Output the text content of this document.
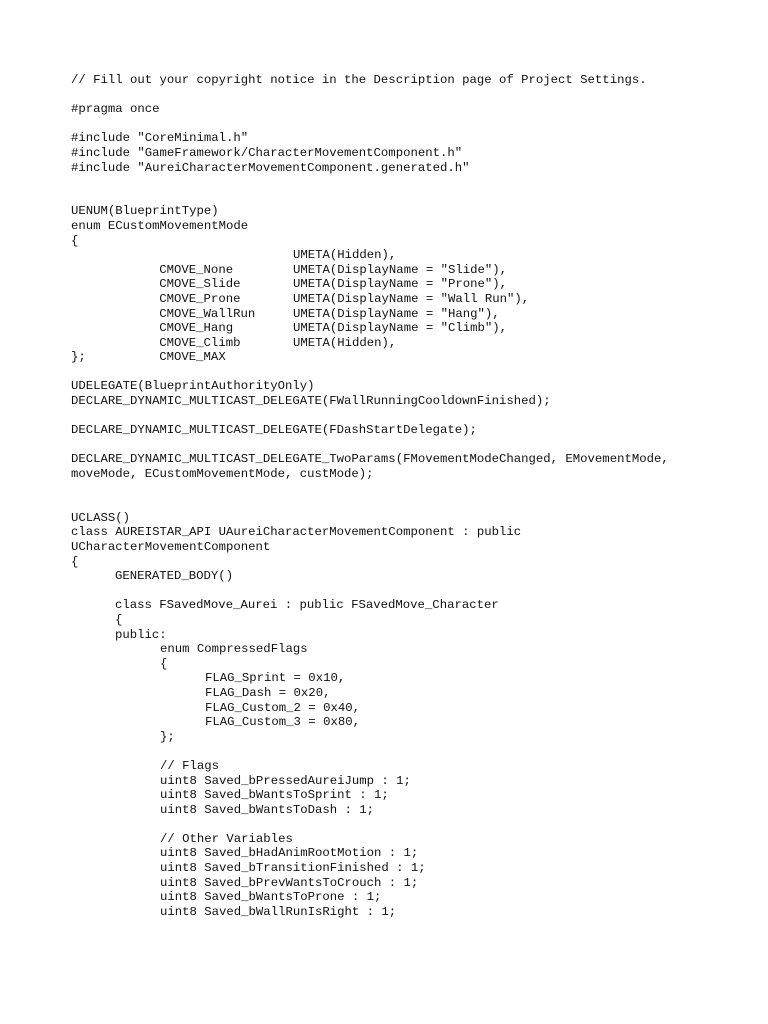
// Fill out your copyright notice in the Description page of Project Settings.
#pragma once
#include "CoreMinimal.h"
#include "GameFramework/CharacterMovementComponent.h"
#include "AureiCharacterMovementComponent.generated.h"
UENUM(BlueprintType)
enum ECustomMovementMode
{

CMOVE_None

UMETA(Hidden),

CMOVE_Slide

UMETA(DisplayName = "Slide"),

CMOVE_Prone

UMETA(DisplayName = "Prone"),

CMOVE_WallRun

UMETA(DisplayName = "Wall Run"),

CMOVE_Hang

UMETA(DisplayName = "Hang"),

CMOVE_Climb

UMETA(DisplayName = "Climb"),

CMOVE_MAX

UMETA(Hidden),

};
UDELEGATE(BlueprintAuthorityOnly)
DECLARE_DYNAMIC_MULTICAST_DELEGATE(FWallRunningCooldownFinished);
DECLARE_DYNAMIC_MULTICAST_DELEGATE(FDashStartDelegate);
DECLARE_DYNAMIC_MULTICAST_DELEGATE_TwoParams(FMovementModeChanged, EMovementMode,
moveMode, ECustomMovementMode, custMode);
UCLASS()
class AUREISTAR_API UAureiCharacterMovementComponent : public
UCharacterMovementComponent
{
GENERATED_BODY()
class FSavedMove_Aurei : public FSavedMove_Character
{
public:
enum CompressedFlags
{
FLAG_Sprint = 0x10,
FLAG_Dash = 0x20,
FLAG_Custom_2 = 0x40,
FLAG_Custom_3 = 0x80,
};
// Flags
uint8 Saved_bPressedAureiJump : 1;
uint8 Saved_bWantsToSprint : 1;
uint8 Saved_bWantsToDash : 1;
// Other Variables
uint8 Saved_bHadAnimRootMotion : 1;
uint8 Saved_bTransitionFinished : 1;
uint8 Saved_bPrevWantsToCrouch : 1;
uint8 Saved_bWantsToProne : 1;
uint8 Saved_bWallRunIsRight : 1;
